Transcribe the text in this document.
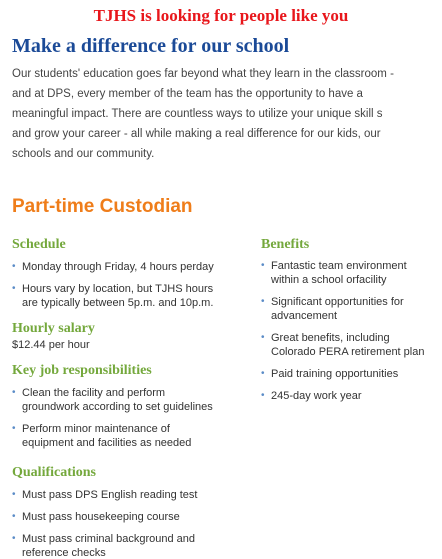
TJHS is looking for people like you
Make a difference for our school

Our students' education goes far beyond what they learn in the classroom -
and at DPS, every member of the team has the opportunity to have a
meaningful impact. There are countless ways to utilize your unique skill s
and grow your career - all while making a real difference for our kids, our
schools and our community.

Part-time Custodian
Schedule
• Monday through Friday, 4 hours perday
• Hours vary by location, but TJHS hours
are typically between 5p.m. and 10p.m.
Hourly salary

$12.44 per hour

Key job responsibilities
• Clean the facility and perform
groundwork according to set guidelines
• Perform minor maintenance of
equipment and facilities as needed
Qualifications
• Must pass DPS English reading test
• Must pass housekeeping course
• Must pass criminal background and
reference checks
Benefits
• Fantastic team environment
within a school orfacility
• Significant opportunities for
advancement
• Great benefits, including
Colorado PERA retirement plan
• Paid training opportunities
• 245-day work year
